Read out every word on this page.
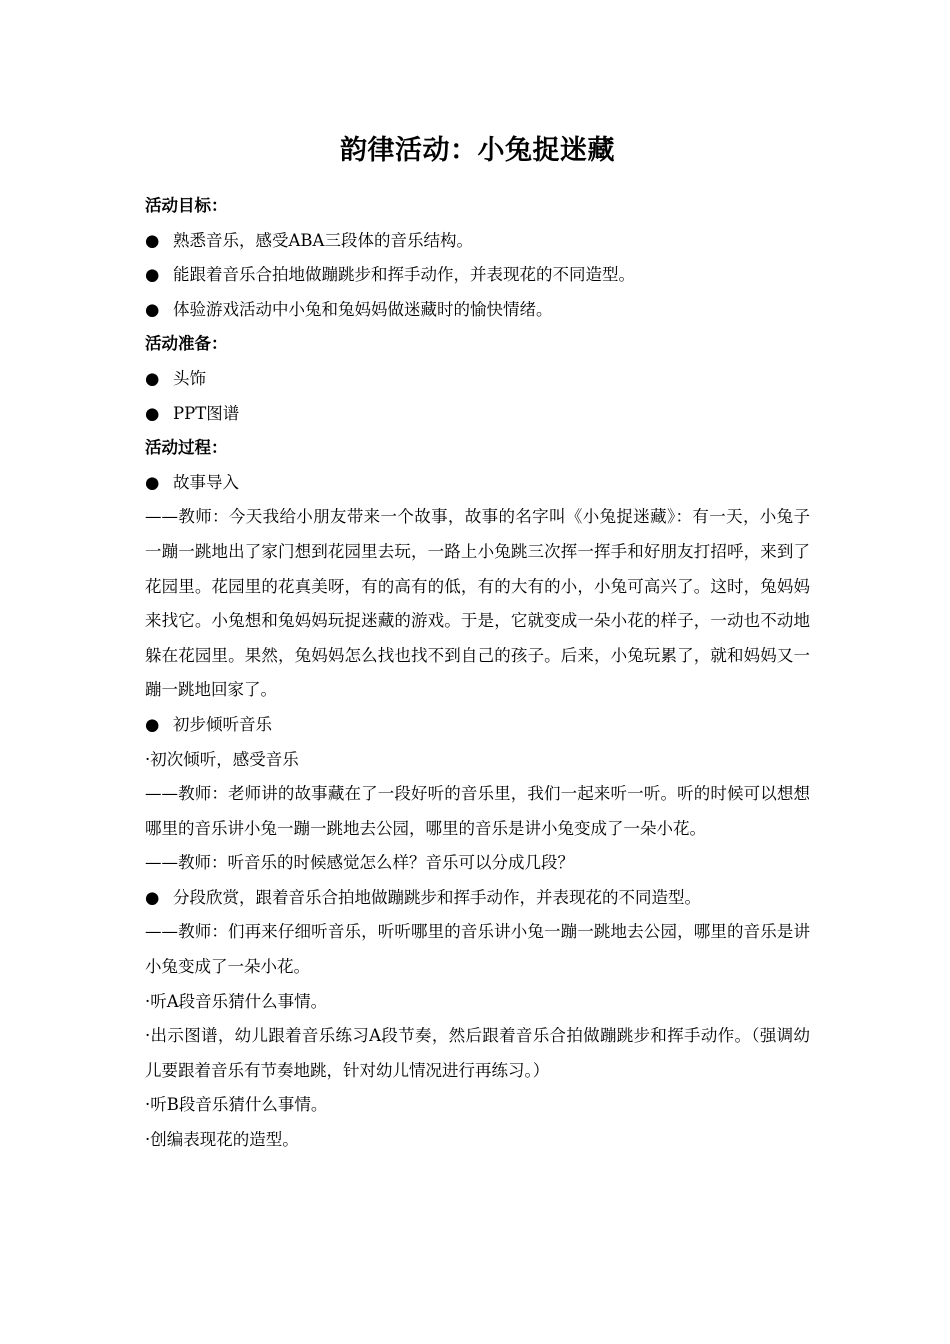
韵律活动：小兔捉迷藏

活动目标：

● 熟悉音乐，感受ABA三段体的音乐结构。

● 能跟着音乐合拍地做蹦跳步和挥手动作，并表现花的不同造型。

● 体验游戏活动中小兔和兔妈妈做迷藏时的愉快情绪。

活动准备：

● 头饰

● PPT图谱

活动过程：

● 故事导入

——教师：今天我给小朋友带来一个故事，故事的名字叫《小兔捉迷藏》：有一天，小兔子一蹦一跳地出了家门想到花园里去玩，一路上小兔跳三次挥一挥手和好朋友打招呼，来到了花园里。花园里的花真美呀，有的高有的低，有的大有的小，小兔可高兴了。这时，兔妈妈来找它。小兔想和兔妈妈玩捉迷藏的游戏。于是，它就变成一朵小花的样子，一动也不动地躲在花园里。果然，兔妈妈怎么找也找不到自己的孩子。后来，小兔玩累了，就和妈妈又一蹦一跳地回家了。

● 初步倾听音乐

·初次倾听，感受音乐

——教师：老师讲的故事藏在了一段好听的音乐里，我们一起来听一听。听的时候可以想想哪里的音乐讲小兔一蹦一跳地去公园，哪里的音乐是讲小兔变成了一朵小花。

——教师：听音乐的时候感觉怎么样？音乐可以分成几段？

● 分段欣赏，跟着音乐合拍地做蹦跳步和挥手动作，并表现花的不同造型。

——教师：们再来仔细听音乐，听听哪里的音乐讲小兔一蹦一跳地去公园，哪里的音乐是讲小兔变成了一朵小花。

·听A段音乐猜什么事情。

·出示图谱，幼儿跟着音乐练习A段节奏，然后跟着音乐合拍做蹦跳步和挥手动作。（强调幼儿要跟着音乐有节奏地跳，针对幼儿情况进行再练习。）

·听B段音乐猜什么事情。

·创编表现花的造型。
